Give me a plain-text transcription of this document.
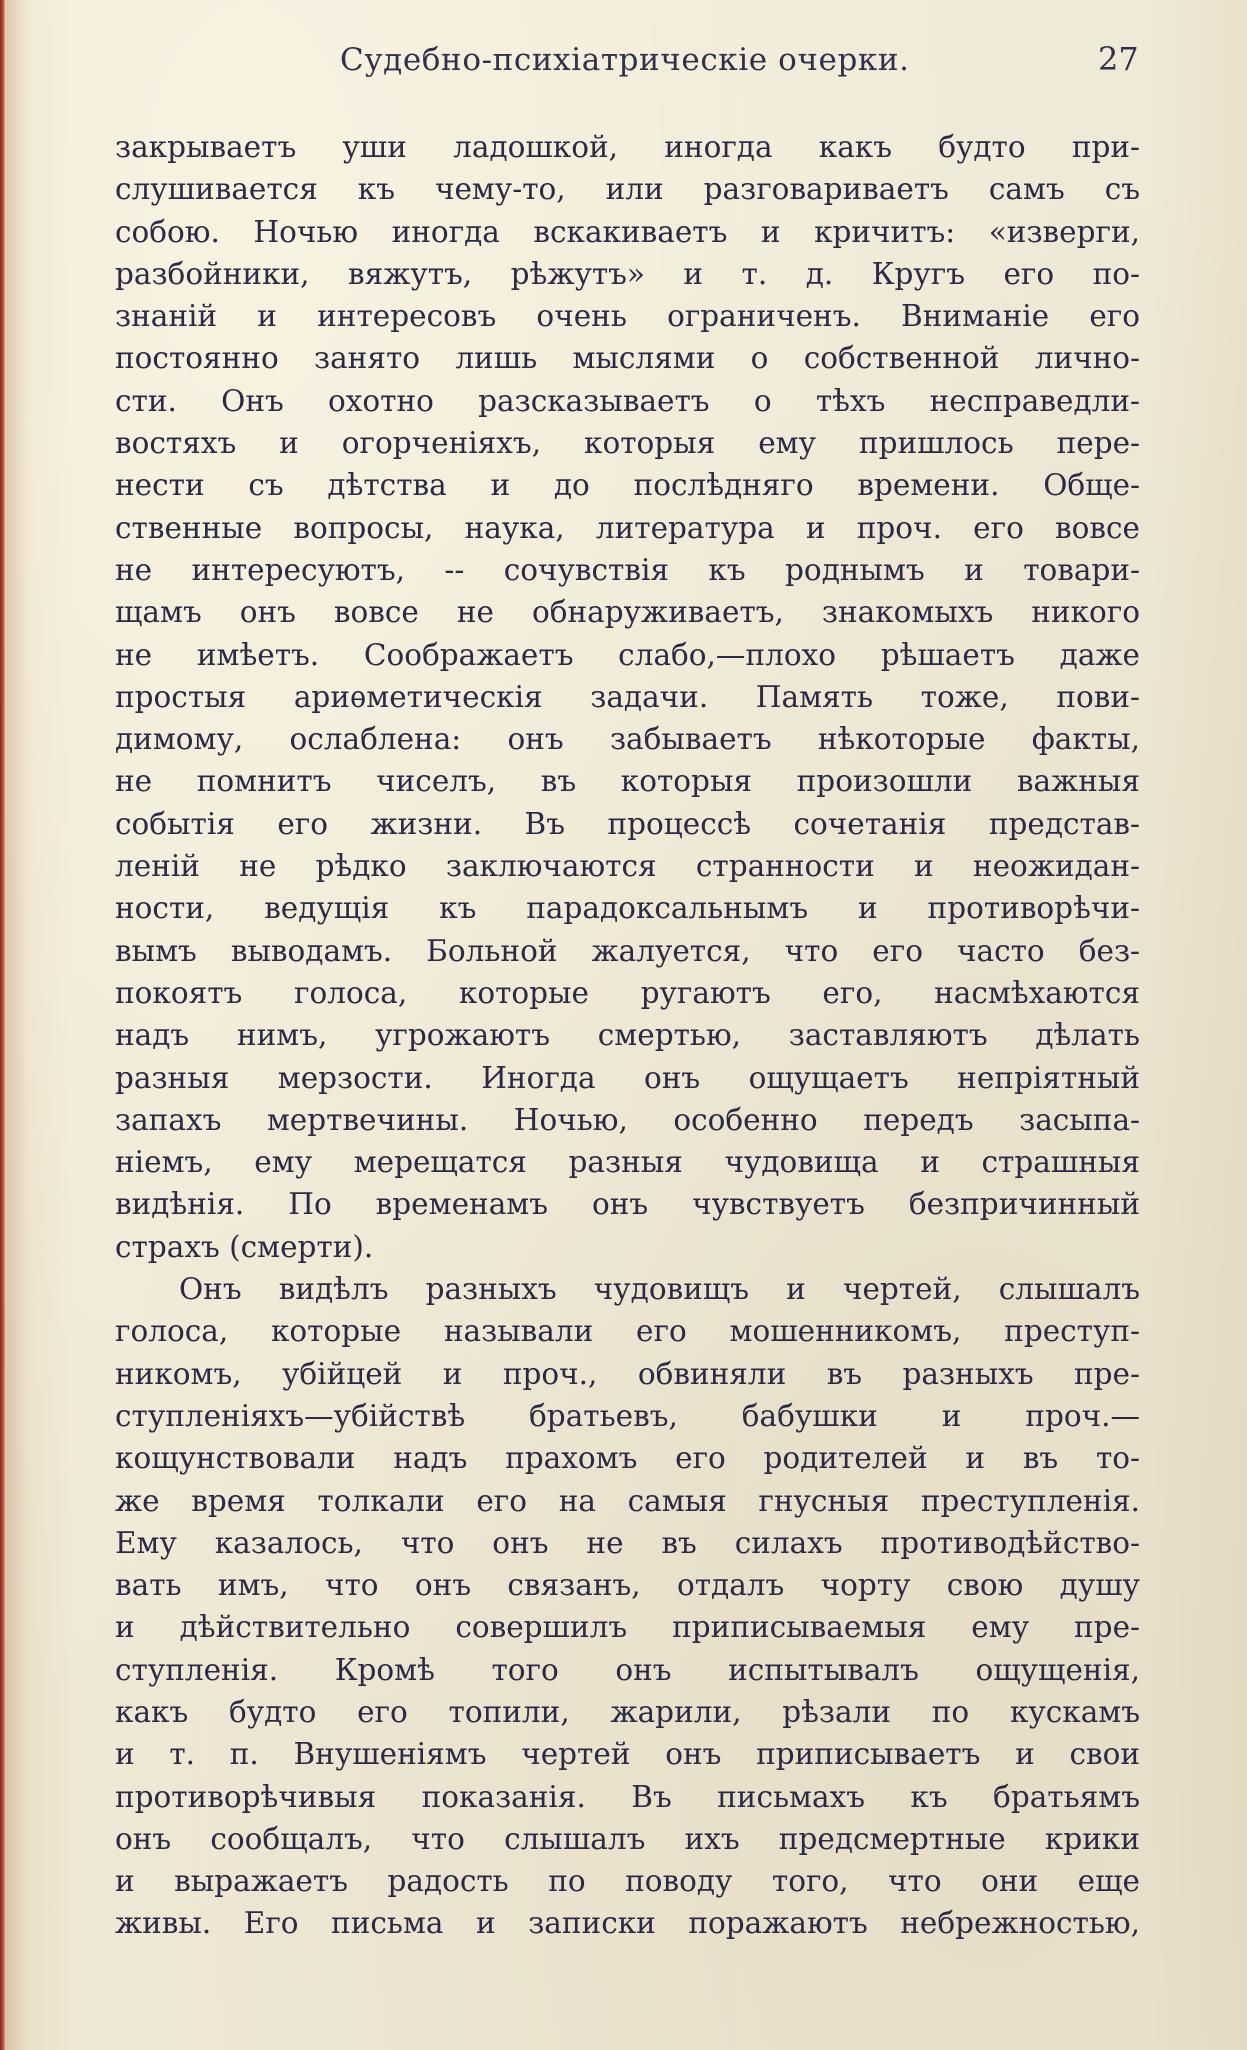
Судебно-психіатрическіе очерки.	27
закрываетъ уши ладошкой, иногда какъ будто при-
слушивается къ чему-то, или разговариваетъ самъ съ
собою. Ночью иногда вскакиваетъ и кричитъ: «изверги,
разбойники, вяжутъ, рѣжутъ» и т. д. Кругъ его по-
знаній и интересовъ очень ограниченъ. Вниманіе его
постоянно занято лишь мыслями о собственной лично-
сти. Онъ охотно разсказываетъ о тѣхъ несправедли-
востяхъ и огорченіяхъ, которыя ему пришлось пере-
нести съ дѣтства и до послѣдняго времени. Обще-
ственные вопросы, наука, литература и проч. его вовсе
не интересуютъ, -- сочувствія къ роднымъ и товари-
щамъ онъ вовсе не обнаруживаетъ, знакомыхъ никого
не имѣетъ. Соображаетъ слабо,—плохо рѣшаетъ даже
простыя ариѳметическія задачи. Память тоже, пови-
димому, ослаблена: онъ забываетъ нѣкоторые факты,
не помнитъ чиселъ, въ которыя произошли важныя
событія его жизни. Въ процессѣ сочетанія представ-
леній не рѣдко заключаются странности и неожидан-
ности, ведущія къ парадоксальнымъ и противорѣчи-
вымъ выводамъ. Больной жалуется, что его часто без-
покоятъ голоса, которые ругаютъ его, насмѣхаются
надъ нимъ, угрожаютъ смертью, заставляютъ дѣлать
разныя мерзости. Иногда онъ ощущаетъ непріятный
запахъ мертвечины. Ночью, особенно передъ засыпа-
ніемъ, ему мерещатся разныя чудовища и страшныя
видѣнія. По временамъ онъ чувствуетъ безпричинный
страхъ (смерти).
Онъ видѣлъ разныхъ чудовищъ и чертей, слышалъ
голоса, которые называли его мошенникомъ, преступ-
никомъ, убійцей и проч., обвиняли въ разныхъ пре-
ступленіяхъ—убійствѣ братьевъ, бабушки и проч.—
кощунствовали надъ прахомъ его родителей и въ то-
же время толкали его на самыя гнусныя преступленія.
Ему казалось, что онъ не въ силахъ противодѣйство-
вать имъ, что онъ связанъ, отдалъ чорту свою душу
и дѣйствительно совершилъ приписываемыя ему пре-
ступленія. Кромѣ того онъ испытывалъ ощущенія,
какъ будто его топили, жарили, рѣзали по кускамъ
и т. п. Внушеніямъ чертей онъ приписываетъ и свои
противорѣчивыя показанія. Въ письмахъ къ братьямъ
онъ сообщалъ, что слышалъ ихъ предсмертные крики
и выражаетъ радость по поводу того, что они еще
живы. Его письма и записки поражаютъ небрежностью,
